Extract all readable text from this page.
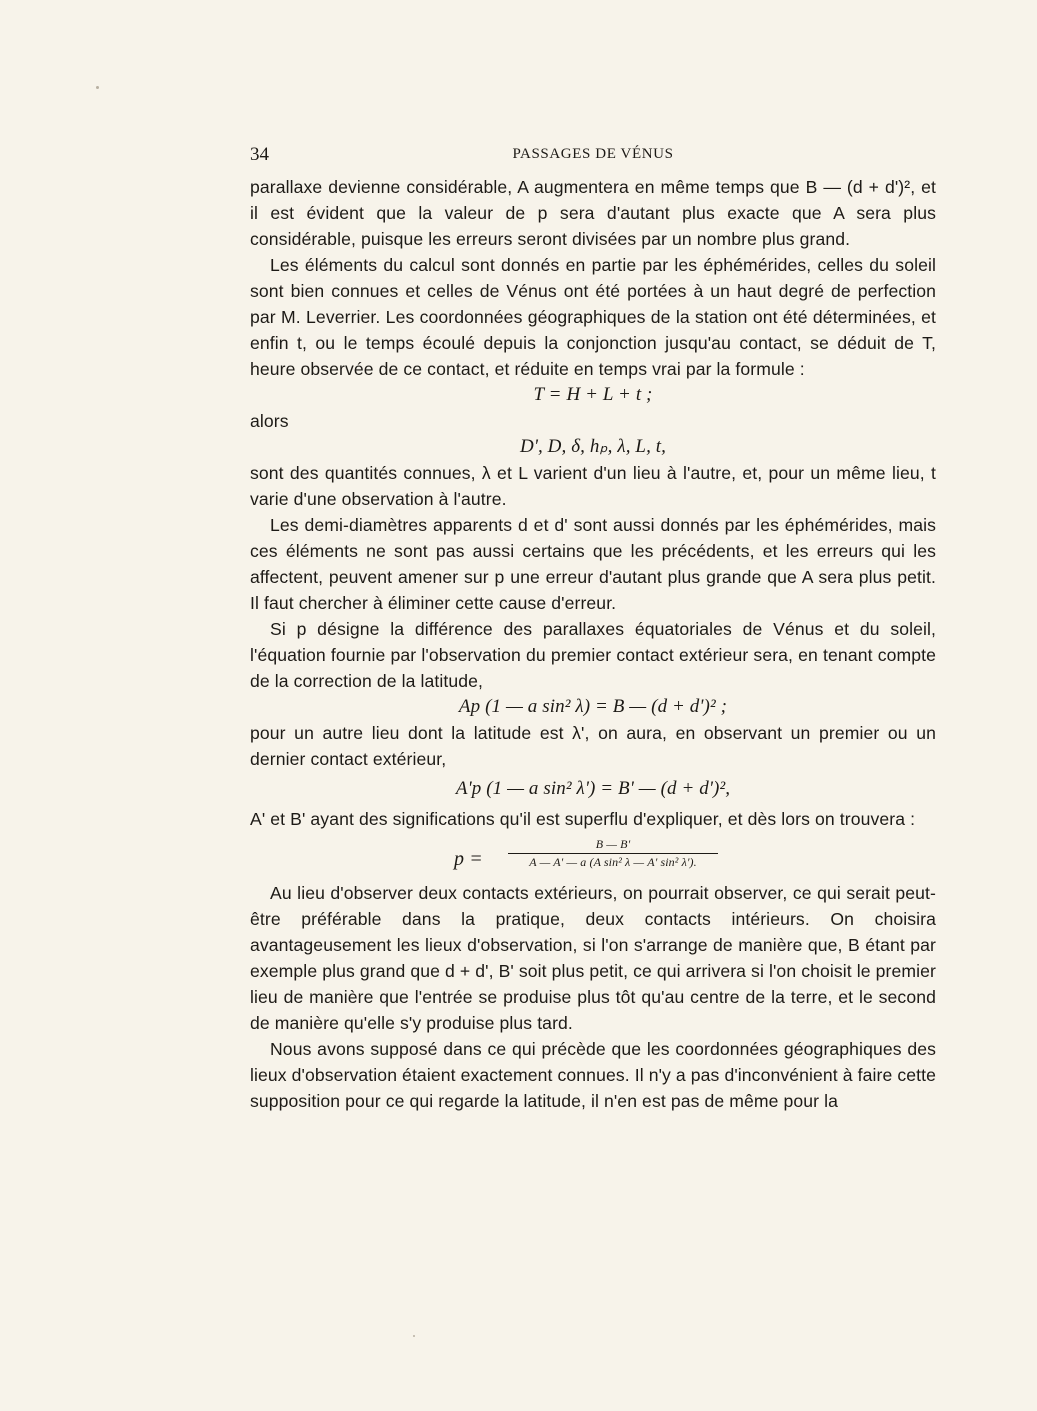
34	PASSAGES DE VÉNUS

parallaxe devienne considérable, A augmentera en même temps que B — (d + d')², et il est évident que la valeur de p sera d'autant plus exacte que A sera plus considérable, puisque les erreurs seront divisées par un nombre plus grand.

Les éléments du calcul sont donnés en partie par les éphémérides, celles du soleil sont bien connues et celles de Vénus ont été portées à un haut degré de perfection par M. Leverrier. Les coordonnées géographiques de la station ont été déterminées, et enfin t, ou le temps écoulé depuis la conjonction jusqu'au contact, se déduit de T, heure observée de ce contact, et réduite en temps vrai par la formule :

T = H + L + t ;

alors

D', D, δ, hₚ, λ, L, t,

sont des quantités connues, λ et L varient d'un lieu à l'autre, et, pour un même lieu, t varie d'une observation à l'autre.

Les demi-diamètres apparents d et d' sont aussi donnés par les éphémérides, mais ces éléments ne sont pas aussi certains que les précédents, et les erreurs qui les affectent, peuvent amener sur p une erreur d'autant plus grande que A sera plus petit. Il faut chercher à éliminer cette cause d'erreur.

Si p désigne la différence des parallaxes équatoriales de Vénus et du soleil, l'équation fournie par l'observation du premier contact extérieur sera, en tenant compte de la correction de la latitude,

Ap (1 — a sin² λ) = B — (d + d')² ;

pour un autre lieu dont la latitude est λ', on aura, en observant un premier ou un dernier contact extérieur,

A'p (1 — a sin² λ') = B' — (d + d')²,

A' et B' ayant des significations qu'il est superflu d'expliquer, et dès lors on trouvera :

$p = \frac{B — B'}{\text{A — A' — a (A sin² λ — A' sin² λ').}}$

Au lieu d'observer deux contacts extérieurs, on pourrait observer, ce qui serait peut-être préférable dans la pratique, deux contacts intérieurs. On choisira avantageusement les lieux d'observation, si l'on s'arrange de manière que, B étant par exemple plus grand que d + d', B' soit plus petit, ce qui arrivera si l'on choisit le premier lieu de manière que l'entrée se produise plus tôt qu'au centre de la terre, et le second de manière qu'elle s'y produise plus tard.

Nous avons supposé dans ce qui précède que les coordonnées géographiques des lieux d'observation étaient exactement connues. Il n'y a pas d'inconvénient à faire cette supposition pour ce qui regarde la latitude, il n'en est pas de même pour la
